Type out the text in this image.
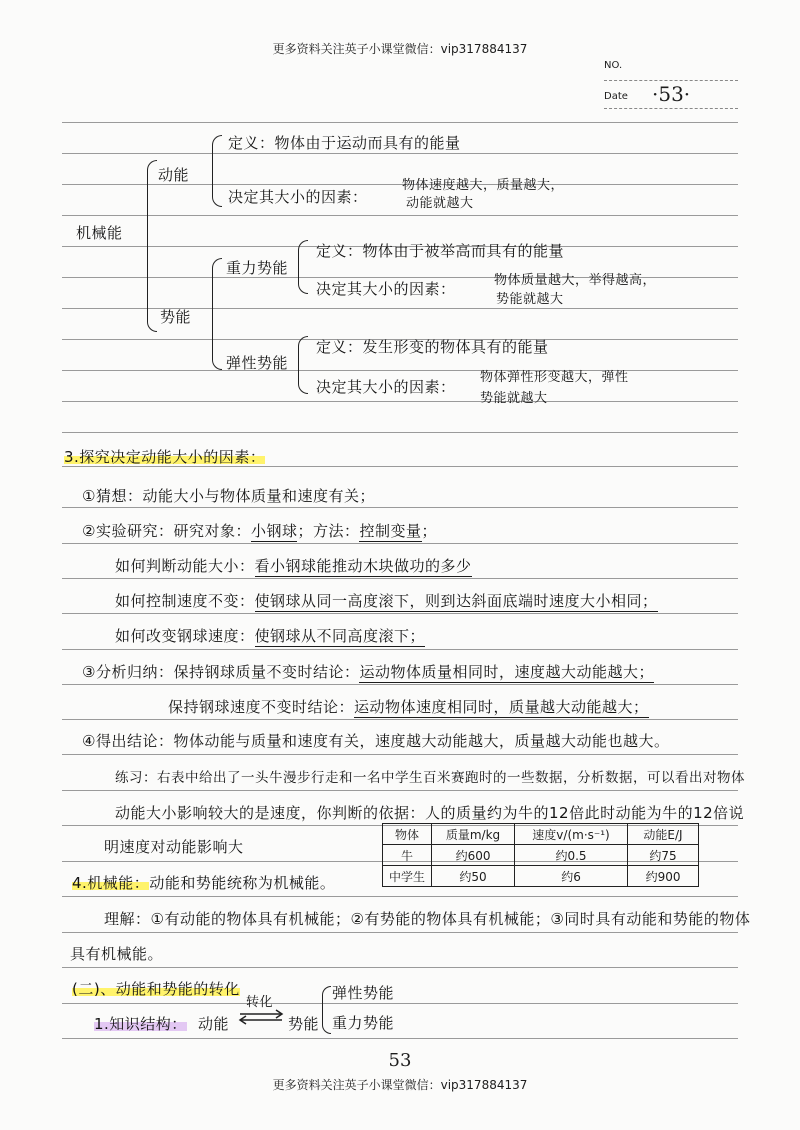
更多资料关注英子小课堂微信：vip317884137
NO.
Date ·53·
机械能
动能
定义：物体由于运动而具有的能量
决定其大小的因素：
物体速度越大，质量越大，
动能就越大
势能
重力势能
定义：物体由于被举高而具有的能量
决定其大小的因素：	物体质量越大，举得越高，
势能就越大
弹性势能
定义：发生形变的物体具有的能量
决定其大小的因素：
物体弹性形变越大，弹性
势能就越大
3.探究决定动能大小的因素：
①猜想：动能大小与物体质量和速度有关；
②实验研究：研究对象：小钢球；方法：控制变量；
如何判断动能大小：看小钢球能推动木块做功的多少
如何控制速度不变：使钢球从同一高度滚下，则到达斜面底端时速度大小相同；
如何改变钢球速度：使钢球从不同高度滚下；
③分析归纳：保持钢球质量不变时结论：运动物体质量相同时，速度越大动能越大；
保持钢球速度不变时结论：运动物体速度相同时，质量越大动能越大；
④得出结论：物体动能与质量和速度有关，速度越大动能越大，质量越大动能也越大。
练习：右表中给出了一头牛漫步行走和一名中学生百米赛跑时的一些数据，分析数据，可以看出对物体
动能大小影响较大的是速度，你判断的依据：人的质量约为牛的12倍此时动能为牛的12倍说
明速度对动能影响大
物体	质量m/kg	速度v/(m·s⁻¹)	动能E/J
牛	约600	约0.5	约75
中学生	约50	约6	约900
4.机械能：动能和势能统称为机械能。
理解：①有动能的物体具有机械能；②有势能的物体具有机械能；③同时具有动能和势能的物体
具有机械能。
(二)、动能和势能的转化
1.知识结构： 动能
转化
势能
弹性势能
重力势能
53
更多资料关注英子小课堂微信：vip317884137
